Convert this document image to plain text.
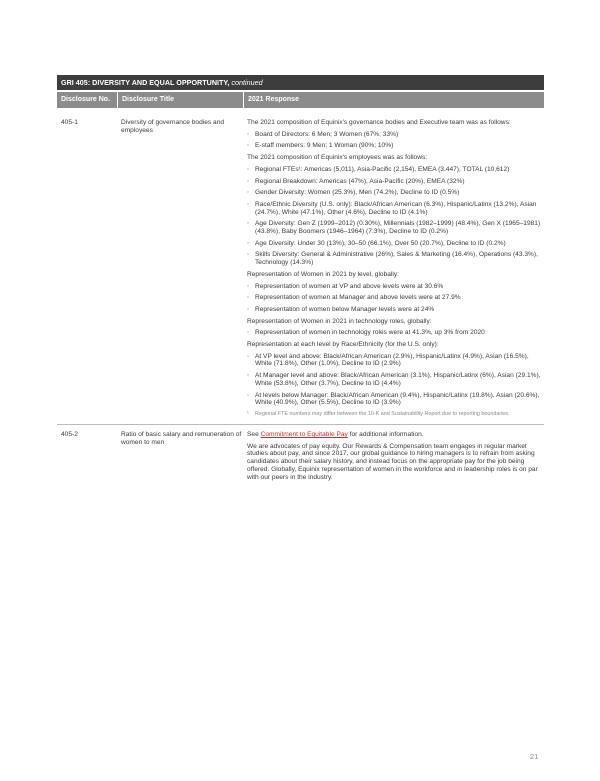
GRI 405: DIVERSITY AND EQUAL OPPORTUNITY, continued
Disclosure No.	Disclosure Title	2021 Response
405-1	Diversity of governance bodies and employees

The 2021 composition of Equinix's governance bodies and Executive team was as follows:

◦ Board of Directors: 6 Men; 3 Women (67%; 33%)
◦ E-staff members: 9 Men; 1 Woman (90%; 10%)

The 2021 composition of Equinix's employees was as follows:

◦ Regional FTEs¹: Americas (5,011), Asia-Pacific (2,154), EMEA (3,447), TOTAL (10,612)
◦ Regional Breakdown: Americas (47%), Asia-Pacific (20%), EMEA (32%)
◦ Gender Diversity: Women (25.3%), Men (74.2%), Decline to ID (0.5%)
◦ Race/Ethnic Diversity (U.S. only): Black/African American (6.3%), Hispanic/Latinx (13.2%), Asian (24.7%), White (47.1%), Other (4.6%), Decline to ID (4.1%)
◦ Age Diversity: Gen Z (1999–2012) (0.30%), Millennials (1982–1999) (48.4%), Gen X (1965–1981) (43.8%), Baby Boomers (1946–1964) (7.3%), Decline to ID (0.2%)
◦ Age Diversity: Under 30 (13%), 30–50 (66.1%), Over 50 (20.7%), Decline to ID (0.2%)
◦ Skills Diversity: General & Administrative (26%), Sales & Marketing (16.4%), Operations (43.3%), Technology (14.3%)

Representation of Women in 2021 by level, globally:

◦ Representation of women at VP and above levels were at 30.6%
◦ Representation of women at Manager and above levels were at 27.9%
◦ Representation of women below Manager levels were at 24%

Representation of Women in 2021 in technology roles, globally:

◦ Representation of women in technology roles were at 41.3%, up 3% from 2020

Representation at each level by Race/Ethnicity (for the U.S. only):

◦ At VP level and above: Black/African American (2.9%), Hispanic/Latinx (4.9%), Asian (16.5%), White (71.8%), Other (1.0%), Decline to ID (2.9%)
◦ At Manager level and above: Black/African American (3.1%), Hispanic/Latinx (6%), Asian (29.1%), White (53.8%), Other (3.7%), Decline to ID (4.4%)
◦ At levels below Manager: Black/African American (9.4%), Hispanic/Latinx (19.8%), Asian (20.6%), White (40.9%), Other (5.5%), Decline to ID (3.9%)
¹ Regional FTE numbers may differ between the 10-K and Sustainability Report due to reporting boundaries.
405-2	Ratio of basic salary and remuneration of women to men

See Commitment to Equitable Pay for additional information.

We are advocates of pay equity. Our Rewards & Compensation team engages in regular market studies about pay, and since 2017, our global guidance to hiring managers is to refrain from asking candidates about their salary history, and instead focus on the appropriate pay for the job being offered. Globally, Equinix representation of women in the workforce and in leadership roles is on par with our peers in the industry.

21
